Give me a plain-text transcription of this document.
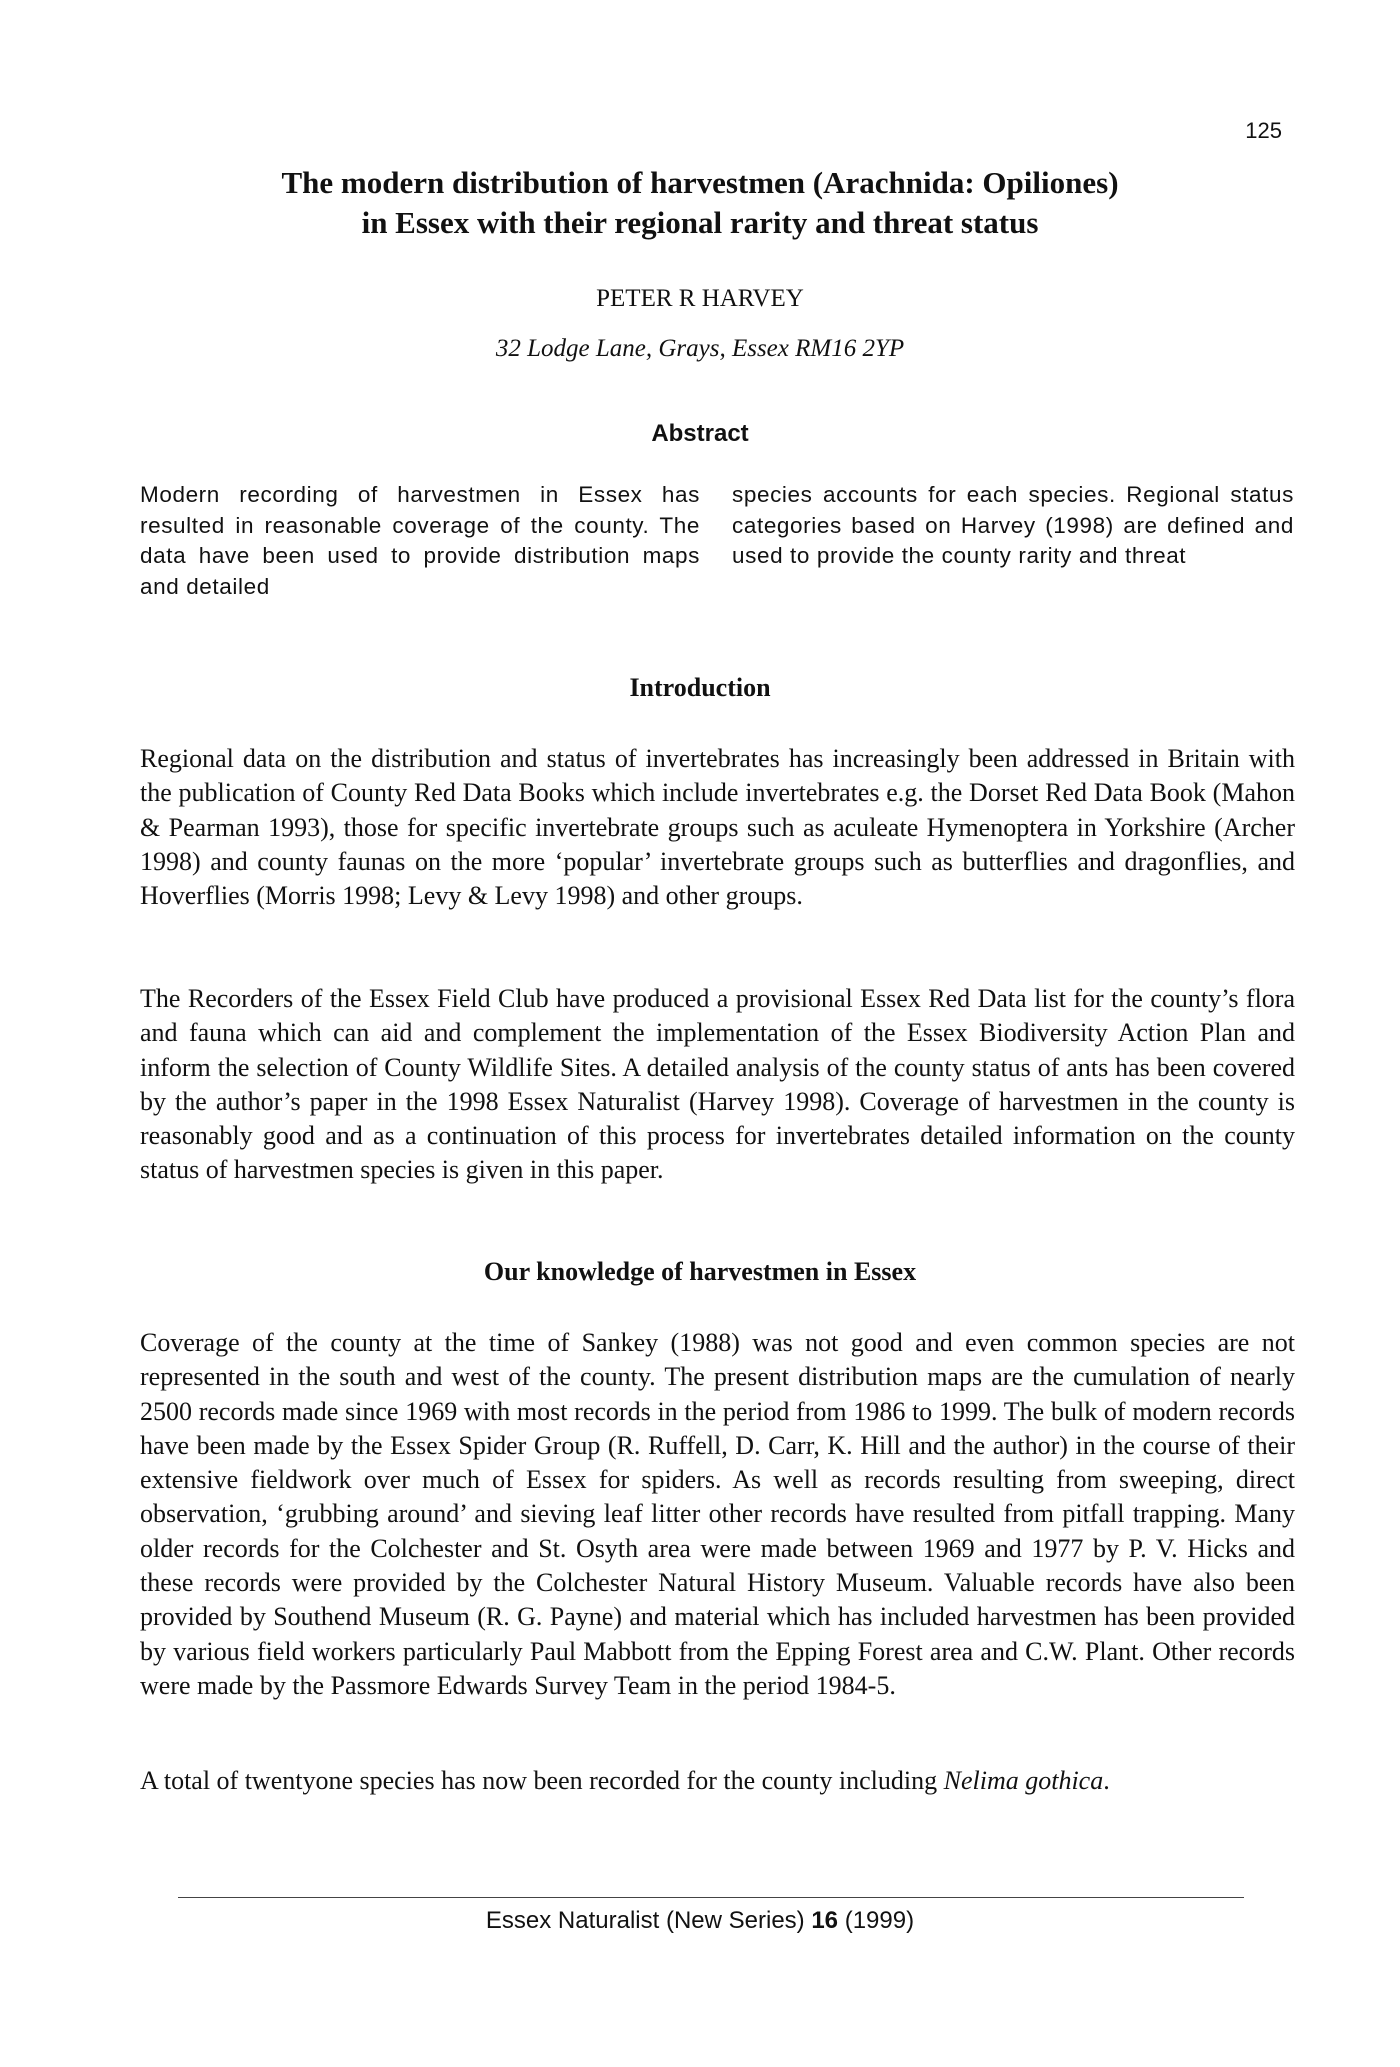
125
The modern distribution of harvestmen (Arachnida: Opiliones)
in Essex with their regional rarity and threat status
PETER R HARVEY
32 Lodge Lane, Grays, Essex RM16 2YP
Abstract
Modern recording of harvestmen in Essex has resulted in reasonable coverage of the county. The data have been used to provide distribution maps and detailed
species accounts for each species. Regional status categories based on Harvey (1998) are defined and used to provide the county rarity and threat
Introduction
Regional data on the distribution and status of invertebrates has increasingly been addressed in Britain with the publication of County Red Data Books which include invertebrates e.g. the Dorset Red Data Book (Mahon & Pearman 1993), those for specific invertebrate groups such as aculeate Hymenoptera in Yorkshire (Archer 1998) and county faunas on the more ‘popular’ invertebrate groups such as butterflies and dragonflies, and Hoverflies (Morris 1998; Levy & Levy 1998) and other groups.
The Recorders of the Essex Field Club have produced a provisional Essex Red Data list for the county’s flora and fauna which can aid and complement the implementation of the Essex Biodiversity Action Plan and inform the selection of County Wildlife Sites. A detailed analysis of the county status of ants has been covered by the author’s paper in the 1998 Essex Naturalist (Harvey 1998). Coverage of harvestmen in the county is reasonably good and as a continuation of this process for invertebrates detailed information on the county status of harvestmen species is given in this paper.
Our knowledge of harvestmen in Essex
Coverage of the county at the time of Sankey (1988) was not good and even common species are not represented in the south and west of the county. The present distribution maps are the cumulation of nearly 2500 records made since 1969 with most records in the period from 1986 to 1999. The bulk of modern records have been made by the Essex Spider Group (R. Ruffell, D. Carr, K. Hill and the author) in the course of their extensive fieldwork over much of Essex for spiders. As well as records resulting from sweeping, direct observation, ‘grubbing around’ and sieving leaf litter other records have resulted from pitfall trapping. Many older records for the Colchester and St. Osyth area were made between 1969 and 1977 by P. V. Hicks and these records were provided by the Colchester Natural History Museum. Valuable records have also been provided by Southend Museum (R. G. Payne) and material which has included harvestmen has been provided by various field workers particularly Paul Mabbott from the Epping Forest area and C.W. Plant. Other records were made by the Passmore Edwards Survey Team in the period 1984-5.
A total of twentyone species has now been recorded for the county including Nelima gothica.
Essex Naturalist (New Series) 16 (1999)
